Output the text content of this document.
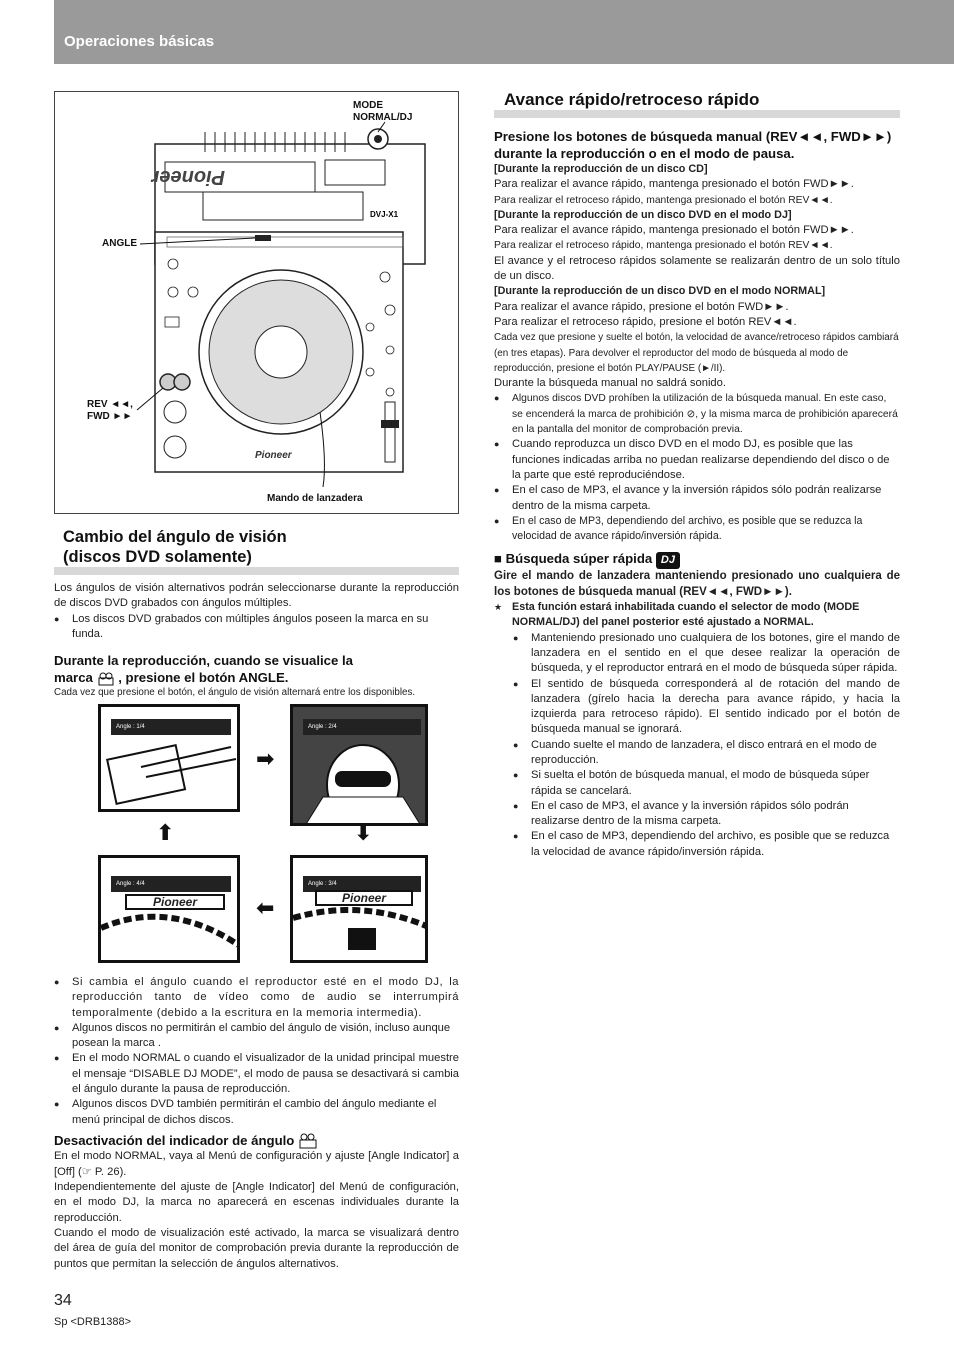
Operaciones básicas
Pioneer
DVJ-X1
Pioneer
MODE
NORMAL/DJ
ANGLE
REV ◄◄,
FWD ►►
Mando de lanzadera
Cambio del ángulo de visión
(discos DVD solamente)

Los ángulos de visión alternativos podrán seleccionarse durante la reproducción de discos DVD grabados con ángulos múltiples.

● Los discos DVD grabados con múltiples ángulos poseen la marca en su funda.
Durante la reproducción, cuando se visualice la
marca , presione el botón ANGLE.
Cada vez que presione el botón, el ángulo de visión alternará entre los disponibles.
Angle : 1/4
➡
Angle : 2/4
⬆	⬇
Angle : 4/4
Pioneer	⬅
Angle : 3/4
Pioneer
● Si cambia el ángulo cuando el reproductor esté en el modo DJ, la reproducción tanto de vídeo como de audio se interrumpirá temporalmente (debido a la escritura en la memoria intermedia).
● Algunos discos no permitirán el cambio del ángulo de visión, incluso aunque posean la marca .
● En el modo NORMAL o cuando el visualizador de la unidad principal muestre el mensaje “DISABLE DJ MODE”, el modo de pausa se desactivará si cambia el ángulo durante la pausa de reproducción.
● Algunos discos DVD también permitirán el cambio del ángulo mediante el menú principal de dichos discos.
Desactivación del indicador de ángulo

En el modo NORMAL, vaya al Menú de configuración y ajuste [Angle Indicator] a [Off] (☞ P. 26).

Independientemente del ajuste de [Angle Indicator] del Menú de configuración, en el modo DJ, la marca no aparecerá en escenas individuales durante la reproducción.

Cuando el modo de visualización esté activado, la marca se visualizará dentro del área de guía del monitor de comprobación previa durante la reproducción de puntos que permitan la selección de ángulos alternativos.

Avance rápido/retroceso rápido
Presione los botones de búsqueda manual (REV◄◄, FWD►►) durante la reproducción o en el modo de pausa.
[Durante la reproducción de un disco CD]

Para realizar el avance rápido, mantenga presionado el botón FWD►►.

Para realizar el retroceso rápido, mantenga presionado el botón REV◄◄.

[Durante la reproducción de un disco DVD en el modo DJ]

Para realizar el avance rápido, mantenga presionado el botón FWD►►.

Para realizar el retroceso rápido, mantenga presionado el botón REV◄◄.

El avance y el retroceso rápidos solamente se realizarán dentro de un solo título de un disco.

[Durante la reproducción de un disco DVD en el modo NORMAL]

Para realizar el avance rápido, presione el botón FWD►►.

Para realizar el retroceso rápido, presione el botón REV◄◄.

Cada vez que presione y suelte el botón, la velocidad de avance/retroceso rápidos cambiará (en tres etapas). Para devolver el reproductor del modo de búsqueda al modo de reproducción, presione el botón PLAY/PAUSE (►/II).

Durante la búsqueda manual no saldrá sonido.

● Algunos discos DVD prohíben la utilización de la búsqueda manual. En este caso, se encenderá la marca de prohibición ⊘, y la misma marca de prohibición aparecerá en la pantalla del monitor de comprobación previa.
● Cuando reproduzca un disco DVD en el modo DJ, es posible que las funciones indicadas arriba no puedan realizarse dependiendo del disco o de la parte que esté reproduciéndose.
● En el caso de MP3, el avance y la inversión rápidos sólo podrán realizarse dentro de la misma carpeta.
● En el caso de MP3, dependiendo del archivo, es posible que se reduzca la velocidad de avance rápido/inversión rápida.
■ Búsqueda súper rápida DJ
Gire el mando de lanzadera manteniendo presionado uno cualquiera de los botones de búsqueda manual (REV◄◄, FWD►►).
★ Esta función estará inhabilitada cuando el selector de modo (MODE NORMAL/DJ) del panel posterior esté ajustado a NORMAL.
● Manteniendo presionado uno cualquiera de los botones, gire el mando de lanzadera en el sentido en el que desee realizar la operación de búsqueda, y el reproductor entrará en el modo de búsqueda súper rápida.
● El sentido de búsqueda corresponderá al de rotación del mando de lanzadera (gírelo hacia la derecha para avance rápido, y hacia la izquierda para retroceso rápido). El sentido indicado por el botón de búsqueda manual se ignorará.
● Cuando suelte el mando de lanzadera, el disco entrará en el modo de reproducción.
● Si suelta el botón de búsqueda manual, el modo de búsqueda súper rápida se cancelará.
● En el caso de MP3, el avance y la inversión rápidos sólo podrán realizarse dentro de la misma carpeta.
● En el caso de MP3, dependiendo del archivo, es posible que se reduzca la velocidad de avance rápido/inversión rápida.
34
Sp <DRB1388>
